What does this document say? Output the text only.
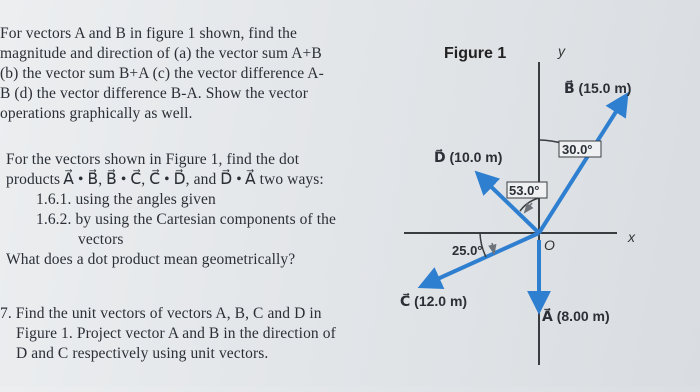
For vectors A and B in figure 1 shown, find the

magnitude and direction of (a) the vector sum A+B

(b) the vector sum B+A (c) the vector difference A-

B (d) the vector difference B-A. Show the vector

operations graphically as well.

For the vectors shown in Figure 1, find the dot

products A⃗ • B⃗, B⃗ • C⃗, C⃗ • D⃗, and D⃗ • A⃗ two ways:

1.6.1. using the angles given

1.6.2. by using the Cartesian components of the

vectors

What does a dot product mean geometrically?

7. Find the unit vectors of vectors A, B, C and D in

Figure 1. Project vector A and B in the direction of

D and C respectively using unit vectors.

Figure 1	y
x
O
B⃗ (15.0 m)
D⃗ (10.0 m)
C⃗ (12.0 m)
A⃗ (8.00 m)
30.0°
53.0°
25.0°
